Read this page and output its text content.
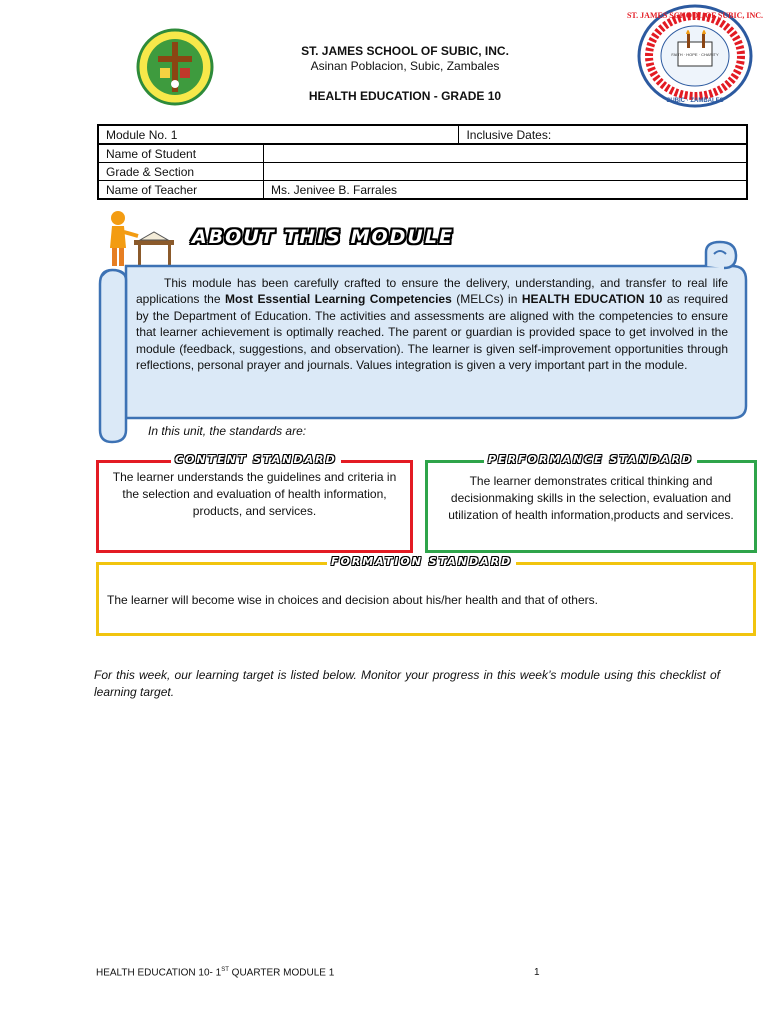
ST. JAMES SCHOOL OF SUBIC, INC.
SUBIC · ZAMBALES
FAITH · HOPE · CHARITY
ST. JAMES SCHOOL OF SUBIC, INC.
Asinan Poblacion, Subic, Zambales
HEALTH EDUCATION - GRADE 10
Module No. 1		Inclusive Dates:
Name of Student		
Grade & Section		
Name of Teacher	Ms. Jenivee B. Farrales	
ABOUT THIS MODULE
This module has been carefully crafted to ensure the delivery, understanding, and transfer to real life applications the Most Essential Learning Competencies (MELCs) in HEALTH EDUCATION 10 as required by the Department of Education. The activities and assessments are aligned with the competencies to ensure that learner achievement is optimally reached. The parent or guardian is provided space to get involved in the module (feedback, suggestions, and observation). The learner is given self-improvement opportunities through reflections, personal prayer and journals. Values integration is given a very important part in the module.
In this unit, the standards are:
CONTENT STANDARD
The learner understands the guidelines and criteria in the selection and evaluation of health information, products, and services.
PERFORMANCE STANDARD
The learner demonstrates critical thinking and decisionmaking skills in the selection, evaluation and utilization of health information,products and services.
FORMATION STANDARD
The learner will become wise in choices and decision about his/her health and that of others.
For this week, our learning target is listed below. Monitor your progress in this week’s module using this checklist of learning target.
HEALTH EDUCATION 10- 1ST QUARTER MODULE 1	1
